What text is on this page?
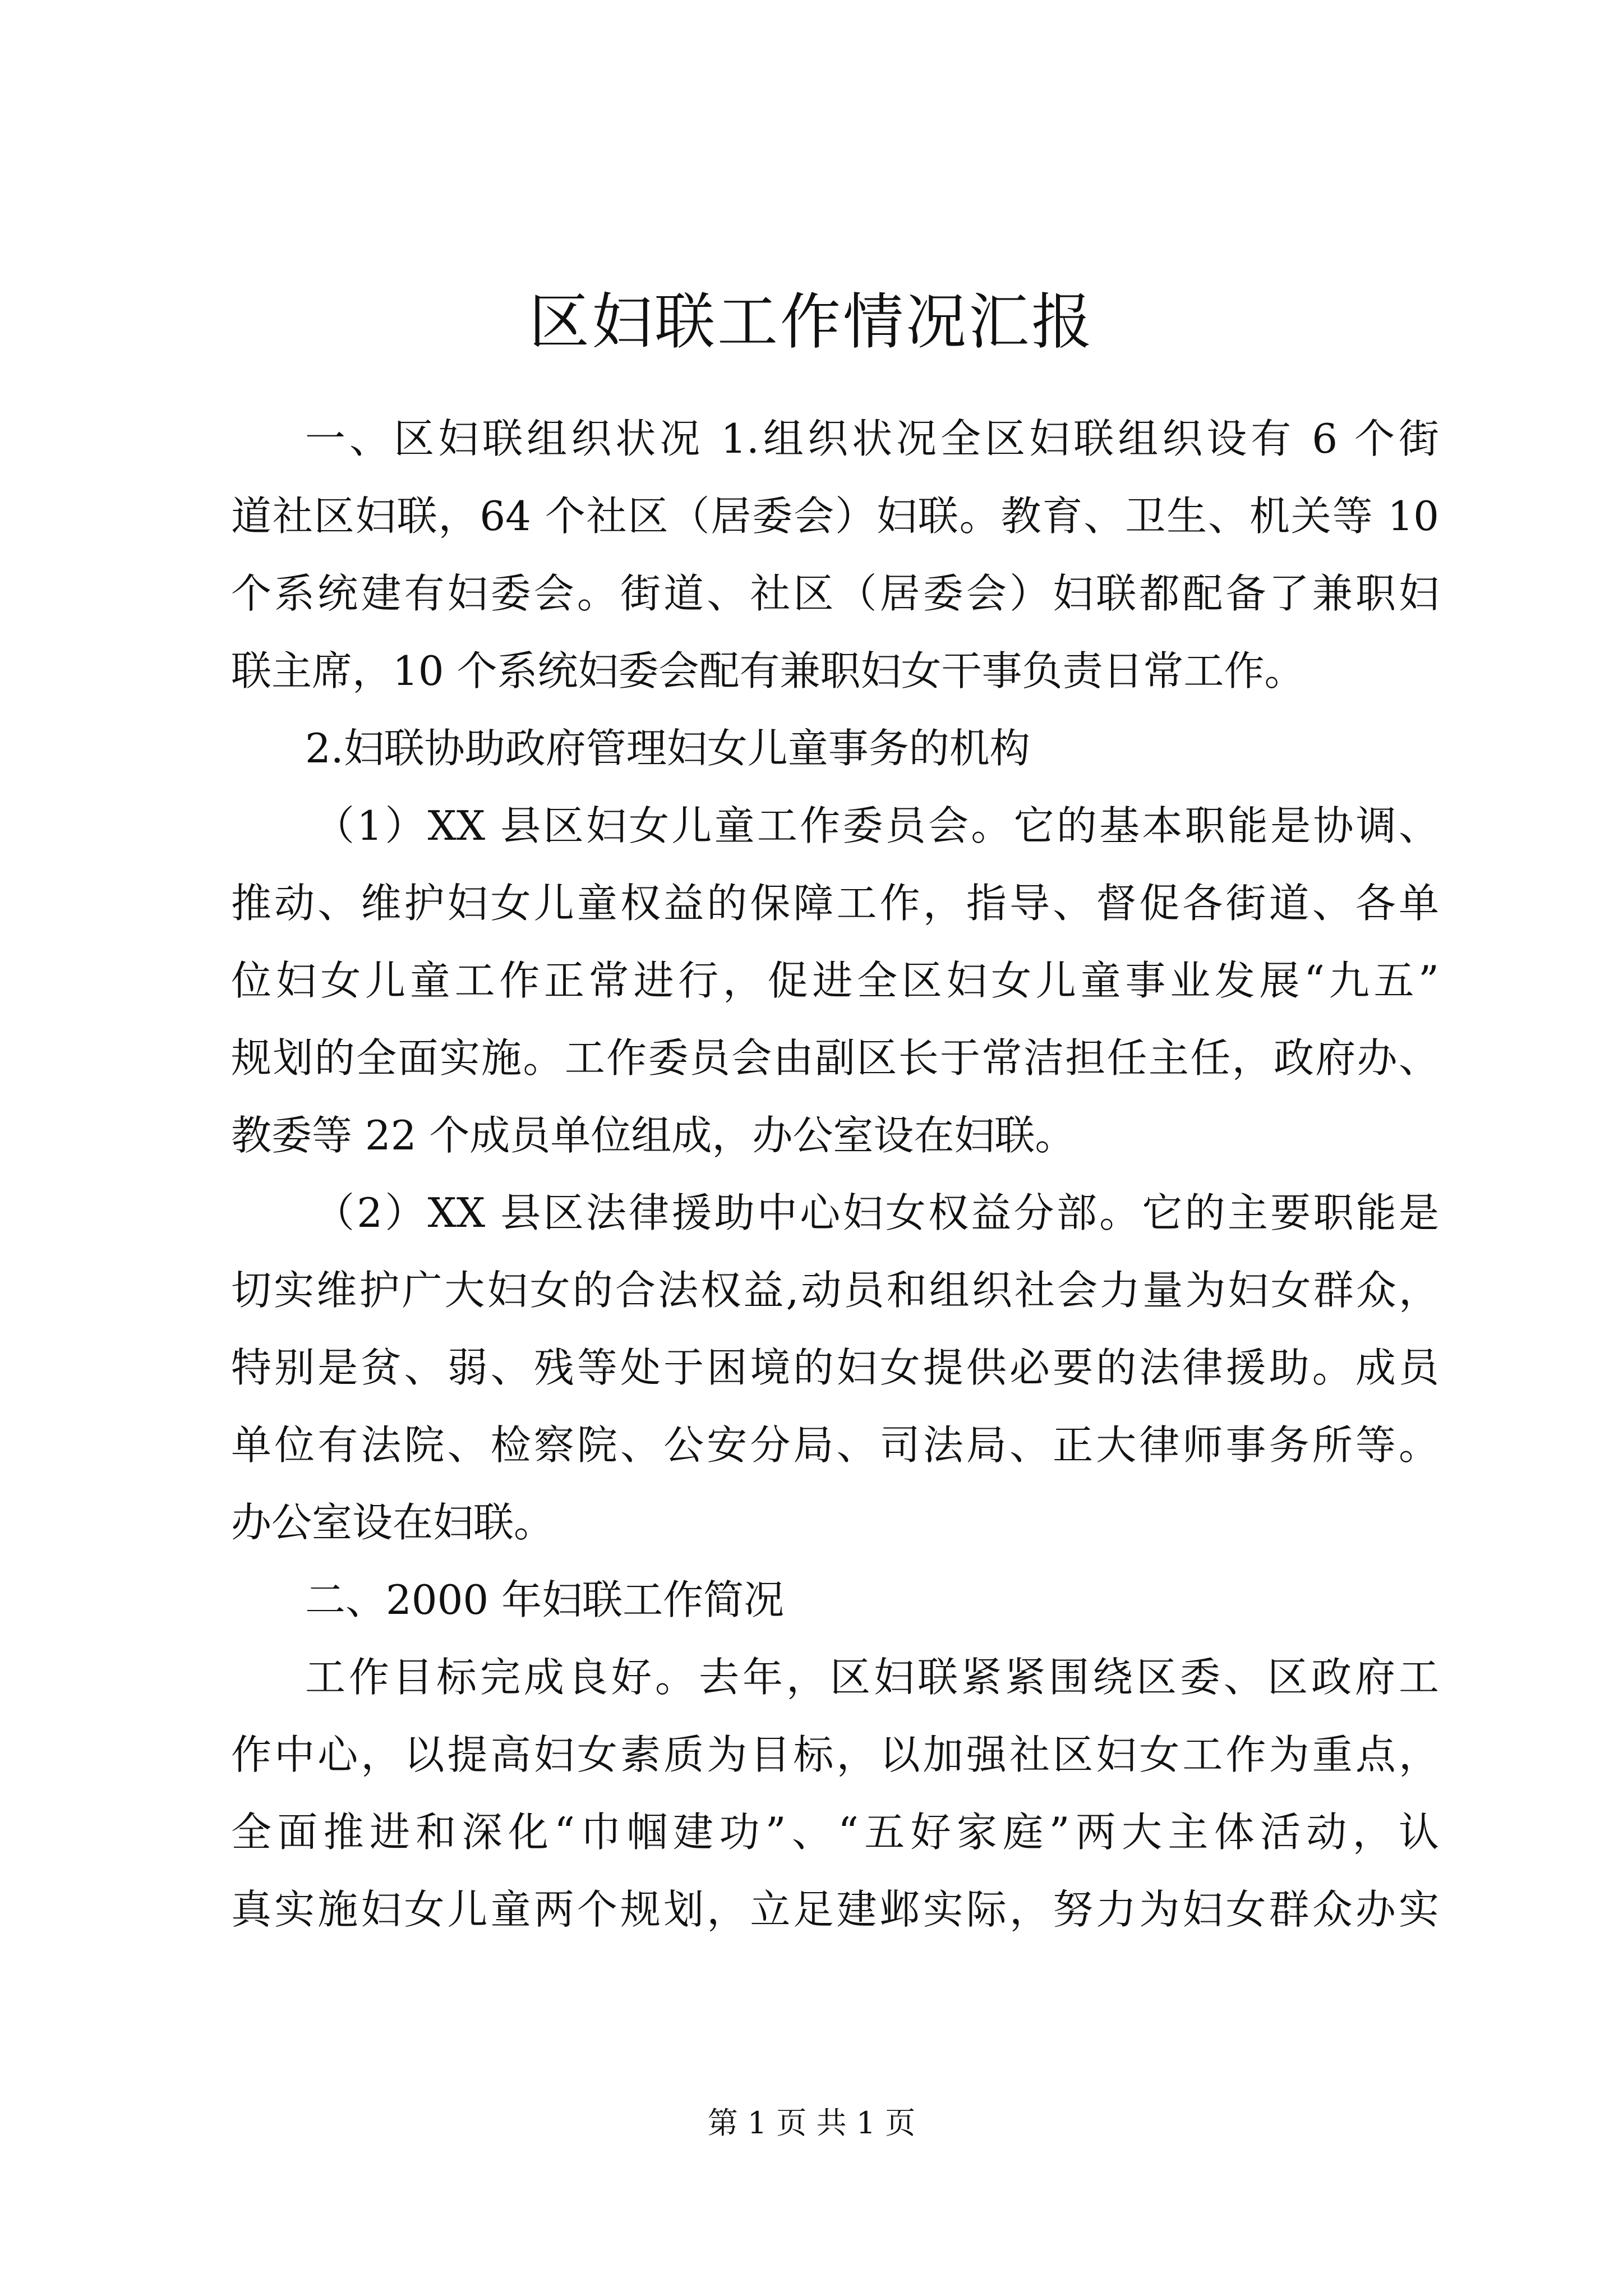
区妇联工作情况汇报

一、区妇联组织状况 1.组织状况全区妇联组织设有 6 个街

道社区妇联，64 个社区（居委会）妇联。教育、卫生、机关等 10

个系统建有妇委会。街道、社区（居委会）妇联都配备了兼职妇

联主席，10 个系统妇委会配有兼职妇女干事负责日常工作。

2.妇联协助政府管理妇女儿童事务的机构

（1）XX 县区妇女儿童工作委员会。它的基本职能是协调、

推动、维护妇女儿童权益的保障工作，指导、督促各街道、各单

位妇女儿童工作正常进行，促进全区妇女儿童事业发展“九五”

规划的全面实施。工作委员会由副区长于常洁担任主任，政府办、

教委等 22 个成员单位组成，办公室设在妇联。

（2）XX 县区法律援助中心妇女权益分部。它的主要职能是

切实维护广大妇女的合法权益,动员和组织社会力量为妇女群众，

特别是贫、弱、残等处于困境的妇女提供必要的法律援助。成员

单位有法院、检察院、公安分局、司法局、正大律师事务所等。

办公室设在妇联。

二、2000 年妇联工作简况

工作目标完成良好。去年，区妇联紧紧围绕区委、区政府工

作中心，以提高妇女素质为目标，以加强社区妇女工作为重点，

全面推进和深化“巾帼建功”、“五好家庭”两大主体活动，认

真实施妇女儿童两个规划，立足建邺实际，努力为妇女群众办实

第 1 页 共 1 页
